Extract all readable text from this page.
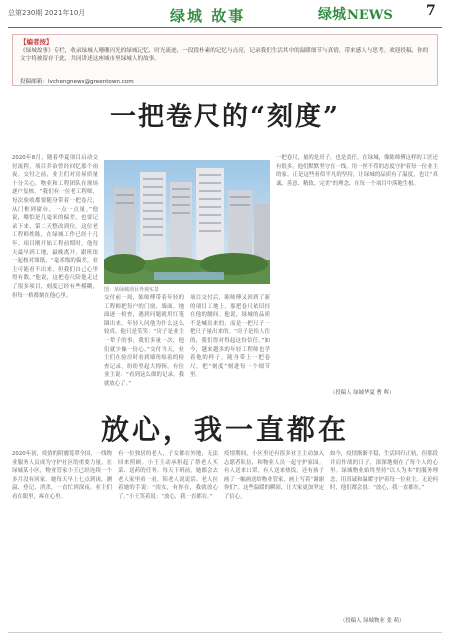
总第230期 2021年10月	绿城 故事	绿城 NEWS 7
【编者按】
《绿城故事》专栏，收录绿城人珊珊闪光的绿城记忆、时光流迹，一段段朴素的记忆与点亮，记录我们生活其中的温暖细节与真情，带来感人与思考。欢迎投稿，你的文字将被留存于此，共同讲述这座城市里绿城人的故事。
投稿邮箱：lvchengnews@greentown.com
一把卷尺的“刻度”
2020年8月，随着华夏项目启动交付流程，项目乔治曾经回忆那个雨夜。交付之前，业主们对房屋质量十分关心，物业和工程团队在现场逐户复核。“我们有一位老工程师，每次验收都要随身带着一把卷尺，从门框到窗台，一点一点量。”他说，哪怕是几毫米的偏差，也要记录下来，第二天整改到位。这位老工程师姓陈，在绿城工作已经十几年。项目刚开始工程前期时，他每天最早到工地，最晚离开，跟班组一起核对图纸。“毫米级的偏差，业主可能看不出来，但我们自己心里得有数。”他说，这把卷尺陪他走过了很多项目，刻度已经有些模糊，但每一格都刻在他心里。
图：某绿城项目外观实景
交付前一周，陈师傅带着年轻的工程师把每户的门窗、墙面、地面逐一检查，遇到问题就用红笔圈出来。年轻人问他为什么这么较真，他只是笑笑：“房子是业主一辈子的事，我们多量一次，他们就少操一份心。”交付当天，业主们在验房时看到墙角贴着的检查记录，纷纷竖起大拇指。有位业主说：“看到这么细的记录，我就放心了。”
项目交付后，陈师傅又回到了新的项目工地上，那把卷尺依旧挂在他的腰间。他说，绿城的品质不是喊出来的，而是一把尺子一把尺子量出来的。“房子是给人住的，我们得对得起这份信任。”如今，越来越多的年轻工程师也学着他的样子，随身带上一把卷尺，把“刻度”刻进每一个细节里。
一把卷尺，量的是房子，也是责任。在绿城，像陈师傅这样的工匠还有很多，他们默默坚守在一线，用一丝不苟的态度守护着每一位业主的家。正是这些看似平凡的坚持，让绿城的品质有了温度，也让“真诚、善意、精致、完美”的理念，在每一个项目中落地生根。
（投稿人 绿城华夏 曹 晖）
放心，我一直都在
2020年初，疫情的阴霾笼罩全国，一线物业服务人员成为守护社区的重要力量。在绿城某小区，物业管家小王已经连续一个多月没有回家。她每天早上七点到岗，测温、登记、消杀，一直忙到深夜。业主们看在眼里，疼在心里。
有一位独居的老人，子女都在外地，无法回来照顾。小王主动承担起了帮老人买菜、送药的任务。每天下班前，她都会去老人家里看一看，陪老人说说话。老人拉着她的手说：“闺女，有你在，我就放心了。”小王笑着说：“放心，我一直都在。”
疫情期间，小区里还有很多业主主动加入志愿者队伍，和物业人员一起守护家园。有人送来口罩，有人送来热饭，还有孩子画了一幅画送给物业管家，画上写着“谢谢你们”。这些温暖的瞬间，让大家更加坚定了信心。
如今，疫情渐渐平稳，生活回归正轨，但那段并肩作战的日子，深深地刻在了每个人的心里。绿城物业始终坚持“以人为本”的服务理念，用真诚和温暖守护着每一位业主。无论何时，他们都会说：“放心，我一直都在。”
（投稿人 绿城物业 张 萌）
